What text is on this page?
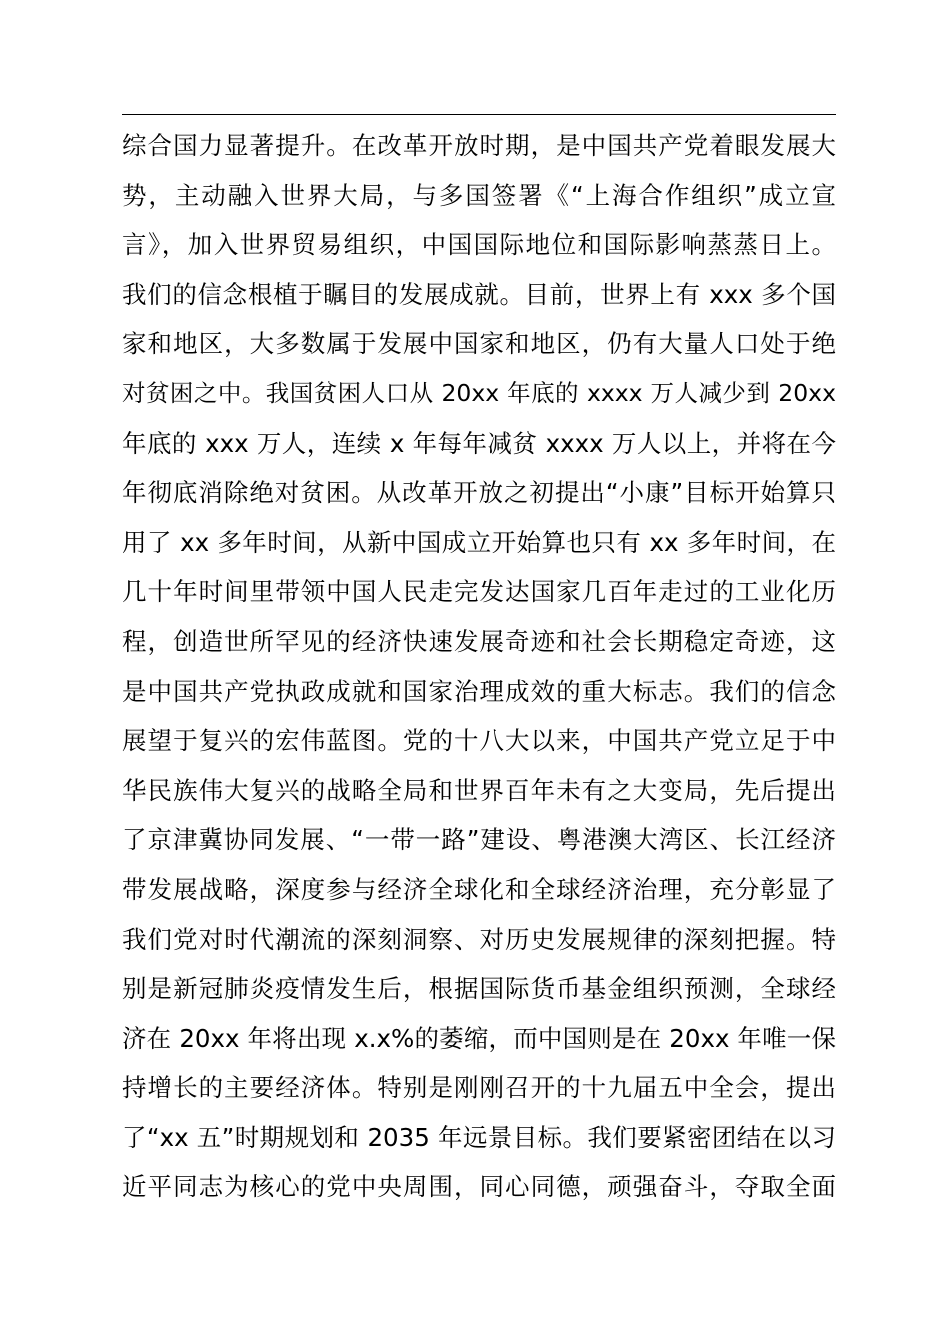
综合国力显著提升。在改革开放时期，是中国共产党着眼发展大
势，主动融入世界大局，与多国签署《“上海合作组织”成立宣
言》，加入世界贸易组织，中国国际地位和国际影响蒸蒸日上。
我们的信念根植于瞩目的发展成就。目前，世界上有 xxx 多个国
家和地区，大多数属于发展中国家和地区，仍有大量人口处于绝
对贫困之中。我国贫困人口从 20xx 年底的 xxxx 万人减少到 20xx
年底的 xxx 万人，连续 x 年每年减贫 xxxx 万人以上，并将在今
年彻底消除绝对贫困。从改革开放之初提出“小康”目标开始算只
用了 xx 多年时间，从新中国成立开始算也只有 xx 多年时间，在
几十年时间里带领中国人民走完发达国家几百年走过的工业化历
程，创造世所罕见的经济快速发展奇迹和社会长期稳定奇迹，这
是中国共产党执政成就和国家治理成效的重大标志。我们的信念
展望于复兴的宏伟蓝图。党的十八大以来，中国共产党立足于中
华民族伟大复兴的战略全局和世界百年未有之大变局，先后提出
了京津冀协同发展、“一带一路”建设、粤港澳大湾区、长江经济
带发展战略，深度参与经济全球化和全球经济治理，充分彰显了
我们党对时代潮流的深刻洞察、对历史发展规律的深刻把握。特
别是新冠肺炎疫情发生后，根据国际货币基金组织预测，全球经
济在 20xx 年将出现 x.x%的萎缩，而中国则是在 20xx 年唯一保
持增长的主要经济体。特别是刚刚召开的十九届五中全会，提出
了“xx 五”时期规划和 2035 年远景目标。我们要紧密团结在以习
近平同志为核心的党中央周围，同心同德，顽强奋斗，夺取全面
